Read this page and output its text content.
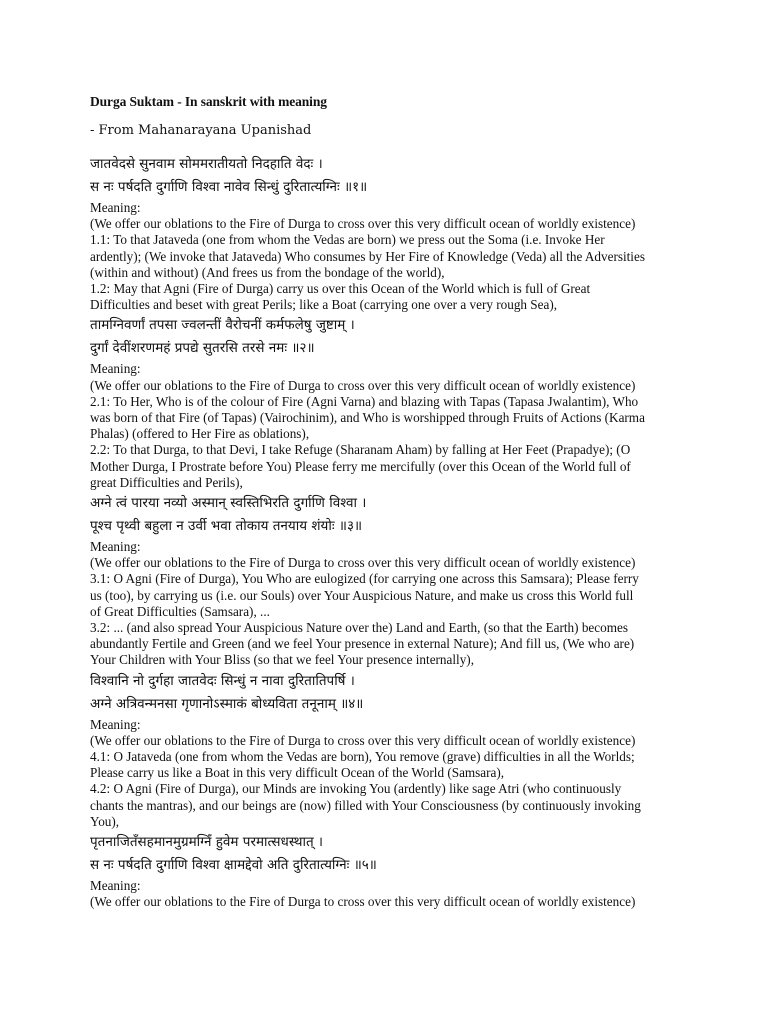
Durga Suktam - In sanskrit with meaning
- From Mahanarayana Upanishad
जातवेदसे सुनवाम सोममरातीयतो निदहाति वेदः ।
स नः पर्षदति दुर्गाणि विश्वा नावेव सिन्धुं दुरितात्यग्निः ॥१॥
Meaning:
(We offer our oblations to the Fire of Durga to cross over this very difficult ocean of worldly existence)
1.1: To that Jataveda (one from whom the Vedas are born) we press out the Soma (i.e. Invoke Her
ardently); (We invoke that Jataveda) Who consumes by Her Fire of Knowledge (Veda) all the Adversities
(within and without) (And frees us from the bondage of the world),
1.2: May that Agni (Fire of Durga) carry us over this Ocean of the World which is full of Great
Difficulties and beset with great Perils; like a Boat (carrying one over a very rough Sea),
तामग्निवर्णां तपसा ज्वलन्तीं वैरोचनीं कर्मफलेषु जुष्टाम् ।
दुर्गां देवींशरणमहं प्रपद्ये सुतरसि तरसे नमः ॥२॥
Meaning:
(We offer our oblations to the Fire of Durga to cross over this very difficult ocean of worldly existence)
2.1: To Her, Who is of the colour of Fire (Agni Varna) and blazing with Tapas (Tapasa Jwalantim), Who
was born of that Fire (of Tapas) (Vairochinim), and Who is worshipped through Fruits of Actions (Karma
Phalas) (offered to Her Fire as oblations),
2.2: To that Durga, to that Devi, I take Refuge (Sharanam Aham) by falling at Her Feet (Prapadye); (O
Mother Durga, I Prostrate before You) Please ferry me mercifully (over this Ocean of the World full of
great Difficulties and Perils),
अग्ने त्वं पारया नव्यो अस्मान् स्वस्तिभिरति दुर्गाणि विश्वा ।
पूश्च पृथ्वी बहुला न उर्वी भवा तोकाय तनयाय शंयोः ॥३॥
Meaning:
(We offer our oblations to the Fire of Durga to cross over this very difficult ocean of worldly existence)
3.1: O Agni (Fire of Durga), You Who are eulogized (for carrying one across this Samsara); Please ferry
us (too), by carrying us (i.e. our Souls) over Your Auspicious Nature, and make us cross this World full
of Great Difficulties (Samsara), ...
3.2: ... (and also spread Your Auspicious Nature over the) Land and Earth, (so that the Earth) becomes
abundantly Fertile and Green (and we feel Your presence in external Nature); And fill us, (We who are)
Your Children with Your Bliss (so that we feel Your presence internally),
विश्वानि नो दुर्गहा जातवेदः सिन्धुं न नावा दुरितातिपर्षि ।
अग्ने अत्रिवन्मनसा गृणानोऽस्माकं बोध्यविता तनूनाम् ॥४॥
Meaning:
(We offer our oblations to the Fire of Durga to cross over this very difficult ocean of worldly existence)
4.1: O Jataveda (one from whom the Vedas are born), You remove (grave) difficulties in all the Worlds;
Please carry us like a Boat in this very difficult Ocean of the World (Samsara),
4.2: O Agni (Fire of Durga), our Minds are invoking You (ardently) like sage Atri (who continuously
chants the mantras), and our beings are (now) filled with Your Consciousness (by continuously invoking
You),
पृतनाजितँसहमानमुग्रमग्निँ हुवेम परमात्सधस्थात् ।
स नः पर्षदति दुर्गाणि विश्वा क्षामद्देवो अति दुरितात्यग्निः ॥५॥
Meaning:
(We offer our oblations to the Fire of Durga to cross over this very difficult ocean of worldly existence)
